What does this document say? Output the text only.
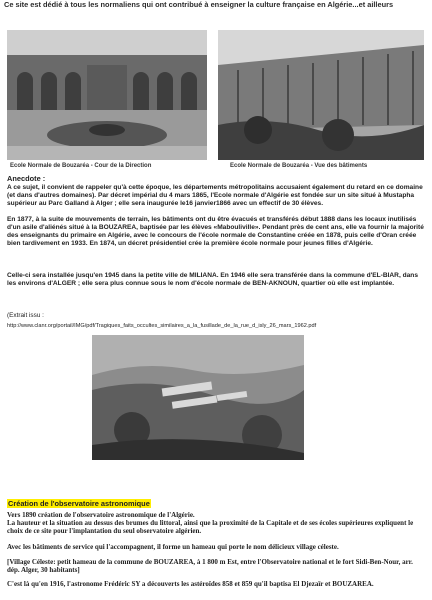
Ce site est dédié à tous les normaliens qui ont contribué à enseigner la culture française en Algérie...et ailleurs
Ecole Normale de Bouzaréa - Cour de la Direction	Ecole Normale de Bouzaréa - Vue des bâtiments
Anecdote :
A ce sujet, il convient de rappeler qu'à cette époque, les départements métropolitains accusaient également du retard en ce domaine (et dans d'autres domaines). Par décret impérial du 4 mars 1865, l'Ecole normale d'Algérie est fondée sur un site situé à Mustapha supérieur au Parc Galland à Alger ; elle sera inaugurée le16 janvier1866 avec un effectif de 30 élèves.
En 1877, à la suite de mouvements de terrain, les bâtiments ont du être évacués et transférés début 1888 dans les locaux inutilisés d'un asile d'aliénés situé à la BOUZAREA, baptisée par les élèves «Mabouliville». Pendant près de cent ans, elle va fournir la majorité des enseignants du primaire en Algérie, avec le concours de l'école normale de Constantine créée en 1878, puis celle d'Oran créée bien tardivement en 1933. En 1874, un décret présidentiel crée la première école normale pour jeunes filles d'Algérie.
Celle-ci sera installée jusqu'en 1945 dans la petite ville de MILIANA. En 1946 elle sera transférée dans la commune d'EL-BIAR, dans les environs d'ALGER ; elle sera plus connue sous le nom d'école normale de BEN-AKNOUN, quartier où elle est implantée.
(Extrait issu :
http://www.clanr.org/portail/IMG/pdf/Tragiques_faits_occultes_similaires_a_la_fusillade_de_la_rue_d_isly_26_mars_1962.pdf
Création de l'observatoire astronomique
Vers 1890 création de l'observatoire astronomique de l'Algérie.
La hauteur et la situation au dessus des brumes du littoral, ainsi que la proximité de la Capitale et de ses écoles supérieures expliquent le choix de ce site pour l'implantation du seul observatoire algérien.
Avec les bâtiments de service qui l'accompagnent, il forme un hameau qui porte le nom délicieux village céleste.
[Village Céleste: petit hameau de la commune de BOUZAREA, à 1 800 m Est, entre l'Observatoire national et le fort Sidi-Ben-Nour, arr. dép. Alger, 30 habitants]
C'est là qu'en 1916, l'astronome Frédéric SY a découverts les astéroïdes 858 et 859 qu'il baptisa El Djezaïr et BOUZAREA.
